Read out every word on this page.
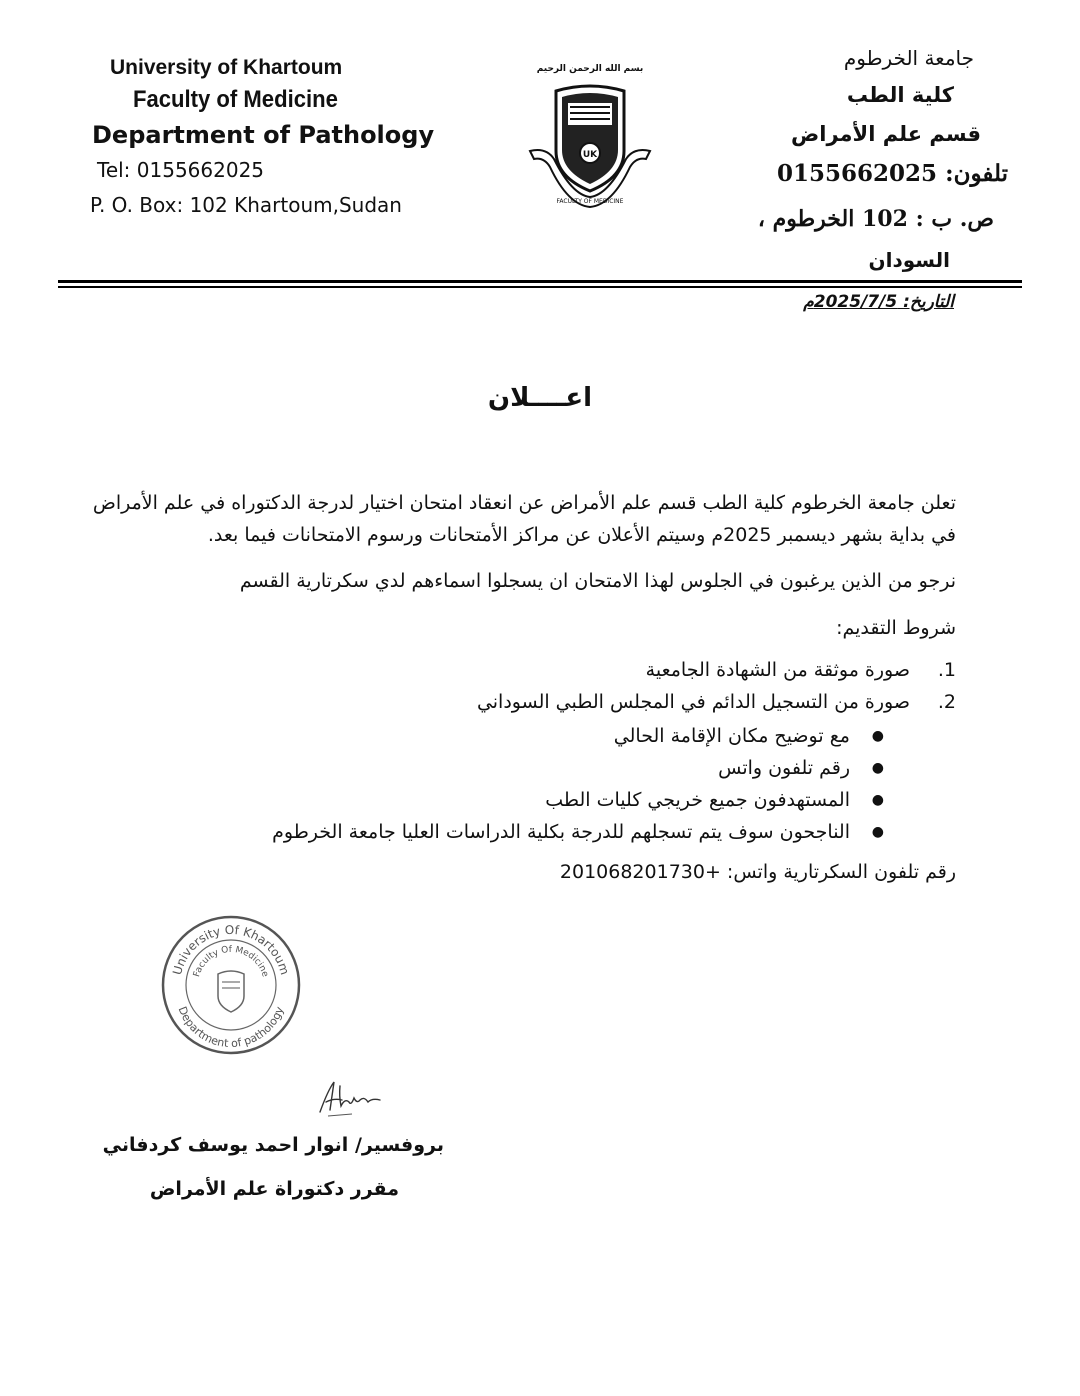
University of Khartoum
Faculty of Medicine
Department of Pathology
Tel: 0155662025
P. O. Box: 102 Khartoum,Sudan
بسم الله الرحمن الرحيم
UK
FACULTY OF MEDICINE
جامعة الخرطوم
كلية الطب
قسم علم الأمراض
تلفون: 0155662025
ص. ب : 102 الخرطوم ،
السودان
التاريخ: 2025/7/5م
اعــــلان
تعلن جامعة الخرطوم كلية الطب قسم علم الأمراض عن انعقاد امتحان اختيار لدرجة الدكتوراه في علم الأمراض
في بداية بشهر ديسمبر 2025م وسيتم الأعلان عن مراكز الأمتحانات ورسوم الامتحانات فيما بعد.
نرجو من الذين يرغبون في الجلوس لهذا الامتحان ان يسجلوا اسماءهم لدي سكرتارية القسم
شروط التقديم:
1.
صورة موثقة من الشهادة الجامعية
2.
صورة من التسجيل الدائم في المجلس الطبي السوداني
●
مع توضيح مكان الإقامة الحالي
●
رقم تلفون واتس
●
المستهدفون جميع خريجي كليات الطب
●
الناجحون سوف يتم تسجلهم للدرجة بكلية الدراسات العليا جامعة الخرطوم
رقم تلفون السكرتارية واتس: +201068201730
University Of Khartoum
Faculty Of Medicine
Department of pathology
بروفسير/ انوار احمد يوسف كردفاني
مقرر دكتوراة علم الأمراض
